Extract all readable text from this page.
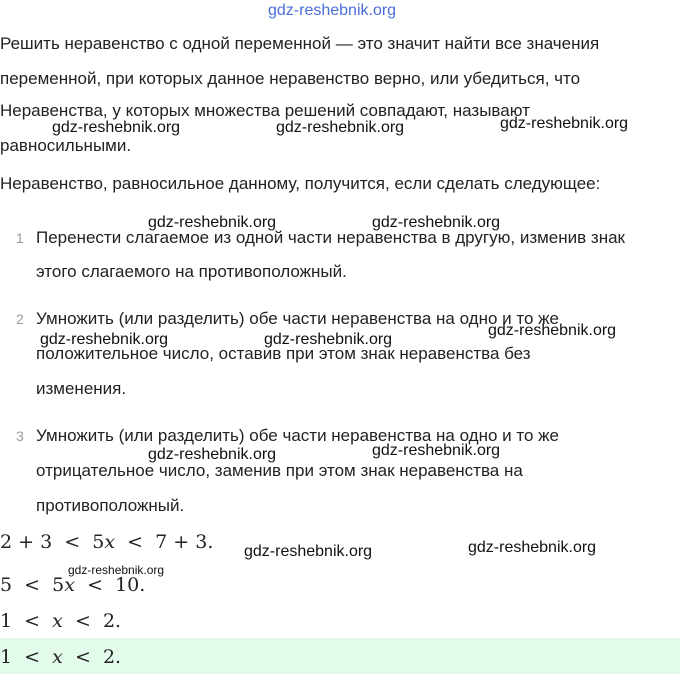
gdz-reshebnik.org
Решить неравенство с одной переменной — это значит найти все значения
переменной, при которых данное неравенство верно, или убедиться, что
Неравенства, у которых множества решений совпадают, называют
равносильными.
Неравенство, равносильное данному, получится, если сделать следующее:
1 Перенести слагаемое из одной части неравенства в другую, изменив знак
этого слагаемого на противоположный.
2 Умножить (или разделить) обе части неравенства на одно и то же
положительное число, оставив при этом знак неравенства без
изменения.
3 Умножить (или разделить) обе части неравенства на одно и то же
отрицательное число, заменив при этом знак неравенства на
противоположный.
2 + 3  <  5x  <  7 + 3.
5  <  5x  <  10.
1  <  x  <  2.
1  <  x  <  2.
gdz-reshebnik.org	gdz-reshebnik.org	gdz-reshebnik.org
gdz-reshebnik.org	gdz-reshebnik.org
gdz-reshebnik.org	gdz-reshebnik.org
gdz-reshebnik.org
gdz-reshebnik.org	gdz-reshebnik.org
gdz-reshebnik.org	gdz-reshebnik.org
gdz-reshebnik.org
